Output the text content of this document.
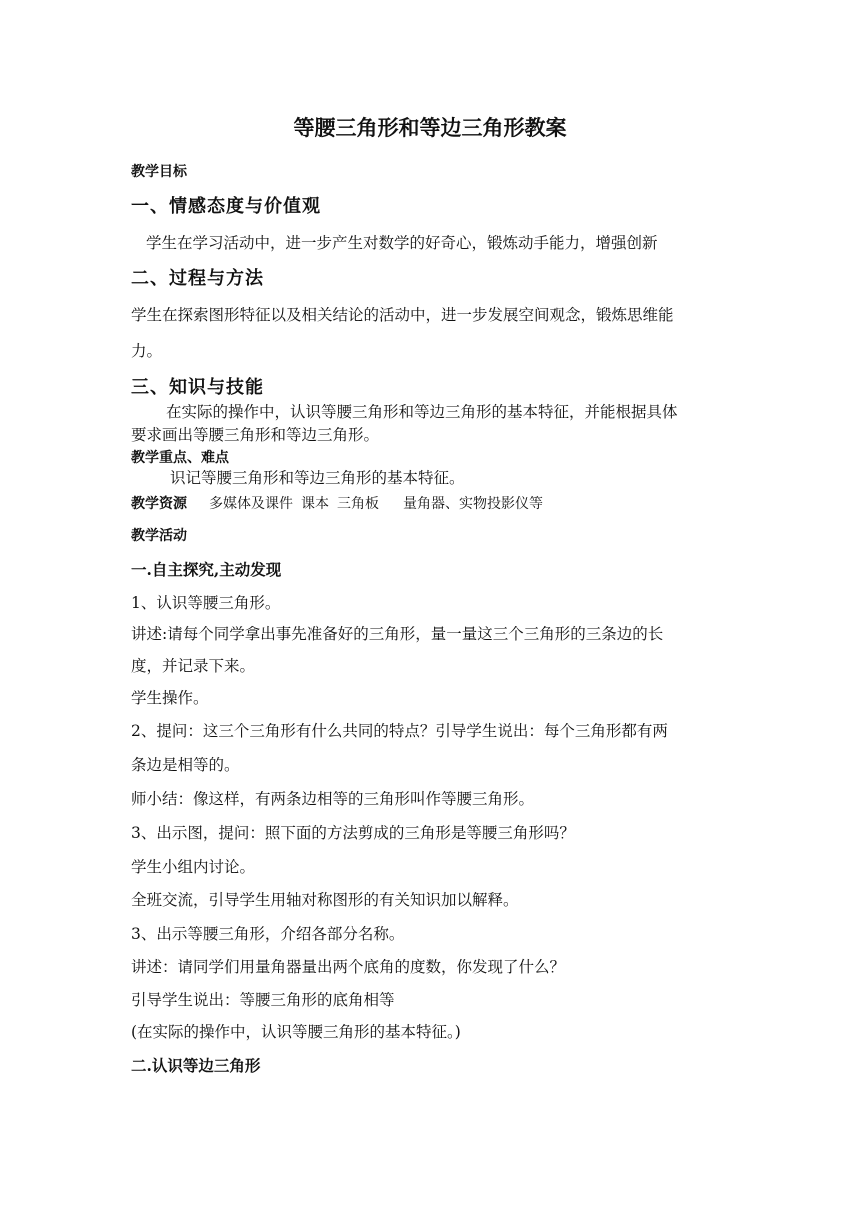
等腰三角形和等边三角形教案
教学目标
一、情感态度与价值观
学生在学习活动中，进一步产生对数学的好奇心，锻炼动手能力，增强创新
二、过程与方法
学生在探索图形特征以及相关结论的活动中，进一步发展空间观念，锻炼思维能
力。
三、知识与技能
在实际的操作中，认识等腰三角形和等边三角形的基本特征，并能根据具体
要求画出等腰三角形和等边三角形。
教学重点、难点
识记等腰三角形和等边三角形的基本特征。
教学资源 多媒体及课件 课本 三角板 量角器、实物投影仪等
教学活动
一.自主探究,主动发现
1、认识等腰三角形。
讲述:请每个同学拿出事先准备好的三角形，量一量这三个三角形的三条边的长
度，并记录下来。
学生操作。
2、提问：这三个三角形有什么共同的特点？引导学生说出：每个三角形都有两
条边是相等的。
师小结：像这样，有两条边相等的三角形叫作等腰三角形。
3、出示图，提问：照下面的方法剪成的三角形是等腰三角形吗？
学生小组内讨论。
全班交流，引导学生用轴对称图形的有关知识加以解释。
3、出示等腰三角形，介绍各部分名称。
讲述：请同学们用量角器量出两个底角的度数，你发现了什么？
引导学生说出：等腰三角形的底角相等
(在实际的操作中，认识等腰三角形的基本特征。)
二.认识等边三角形
